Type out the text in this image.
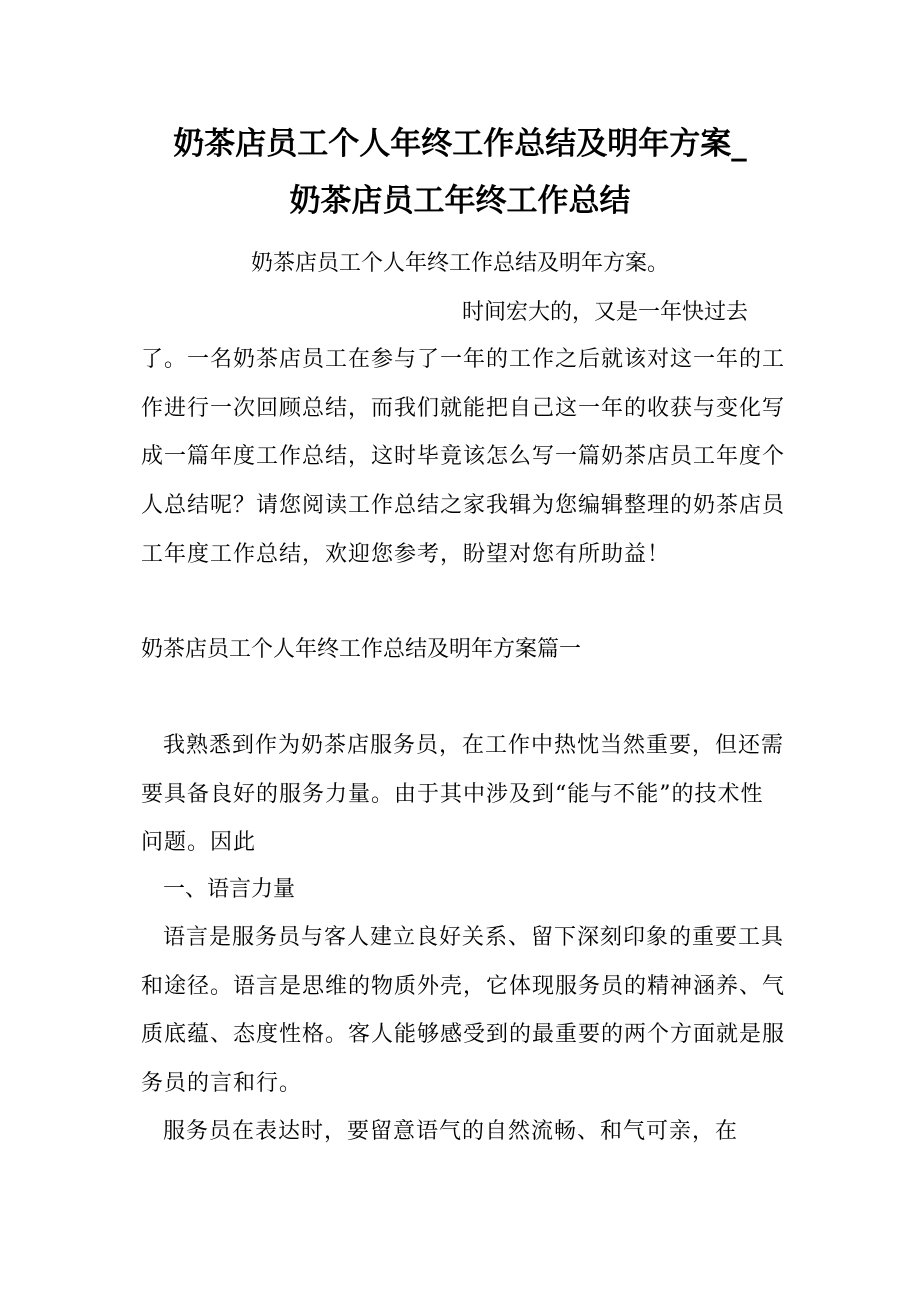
奶茶店员工个人年终工作总结及明年方案_
奶茶店员工年终工作总结
奶茶店员工个人年终工作总结及明年方案。
时间宏大的，又是一年快过去
了。一名奶茶店员工在参与了一年的工作之后就该对这一年的工作进行一次回顾总结，而我们就能把自己这一年的收获与变化写成一篇年度工作总结，这时毕竟该怎么写一篇奶茶店员工年度个人总结呢？请您阅读工作总结之家我辑为您编辑整理的奶茶店员工年度工作总结，欢迎您参考，盼望对您有所助益！
奶茶店员工个人年终工作总结及明年方案篇一
我熟悉到作为奶茶店服务员，在工作中热忱当然重要，但还需要具备良好的服务力量。由于其中涉及到“能与不能”的技术性问题。因此
一、语言力量
语言是服务员与客人建立良好关系、留下深刻印象的重要工具和途径。语言是思维的物质外壳，它体现服务员的精神涵养、气质底蕴、态度性格。客人能够感受到的最重要的两个方面就是服务员的言和行。
服务员在表达时，要留意语气的自然流畅、和气可亲，在
